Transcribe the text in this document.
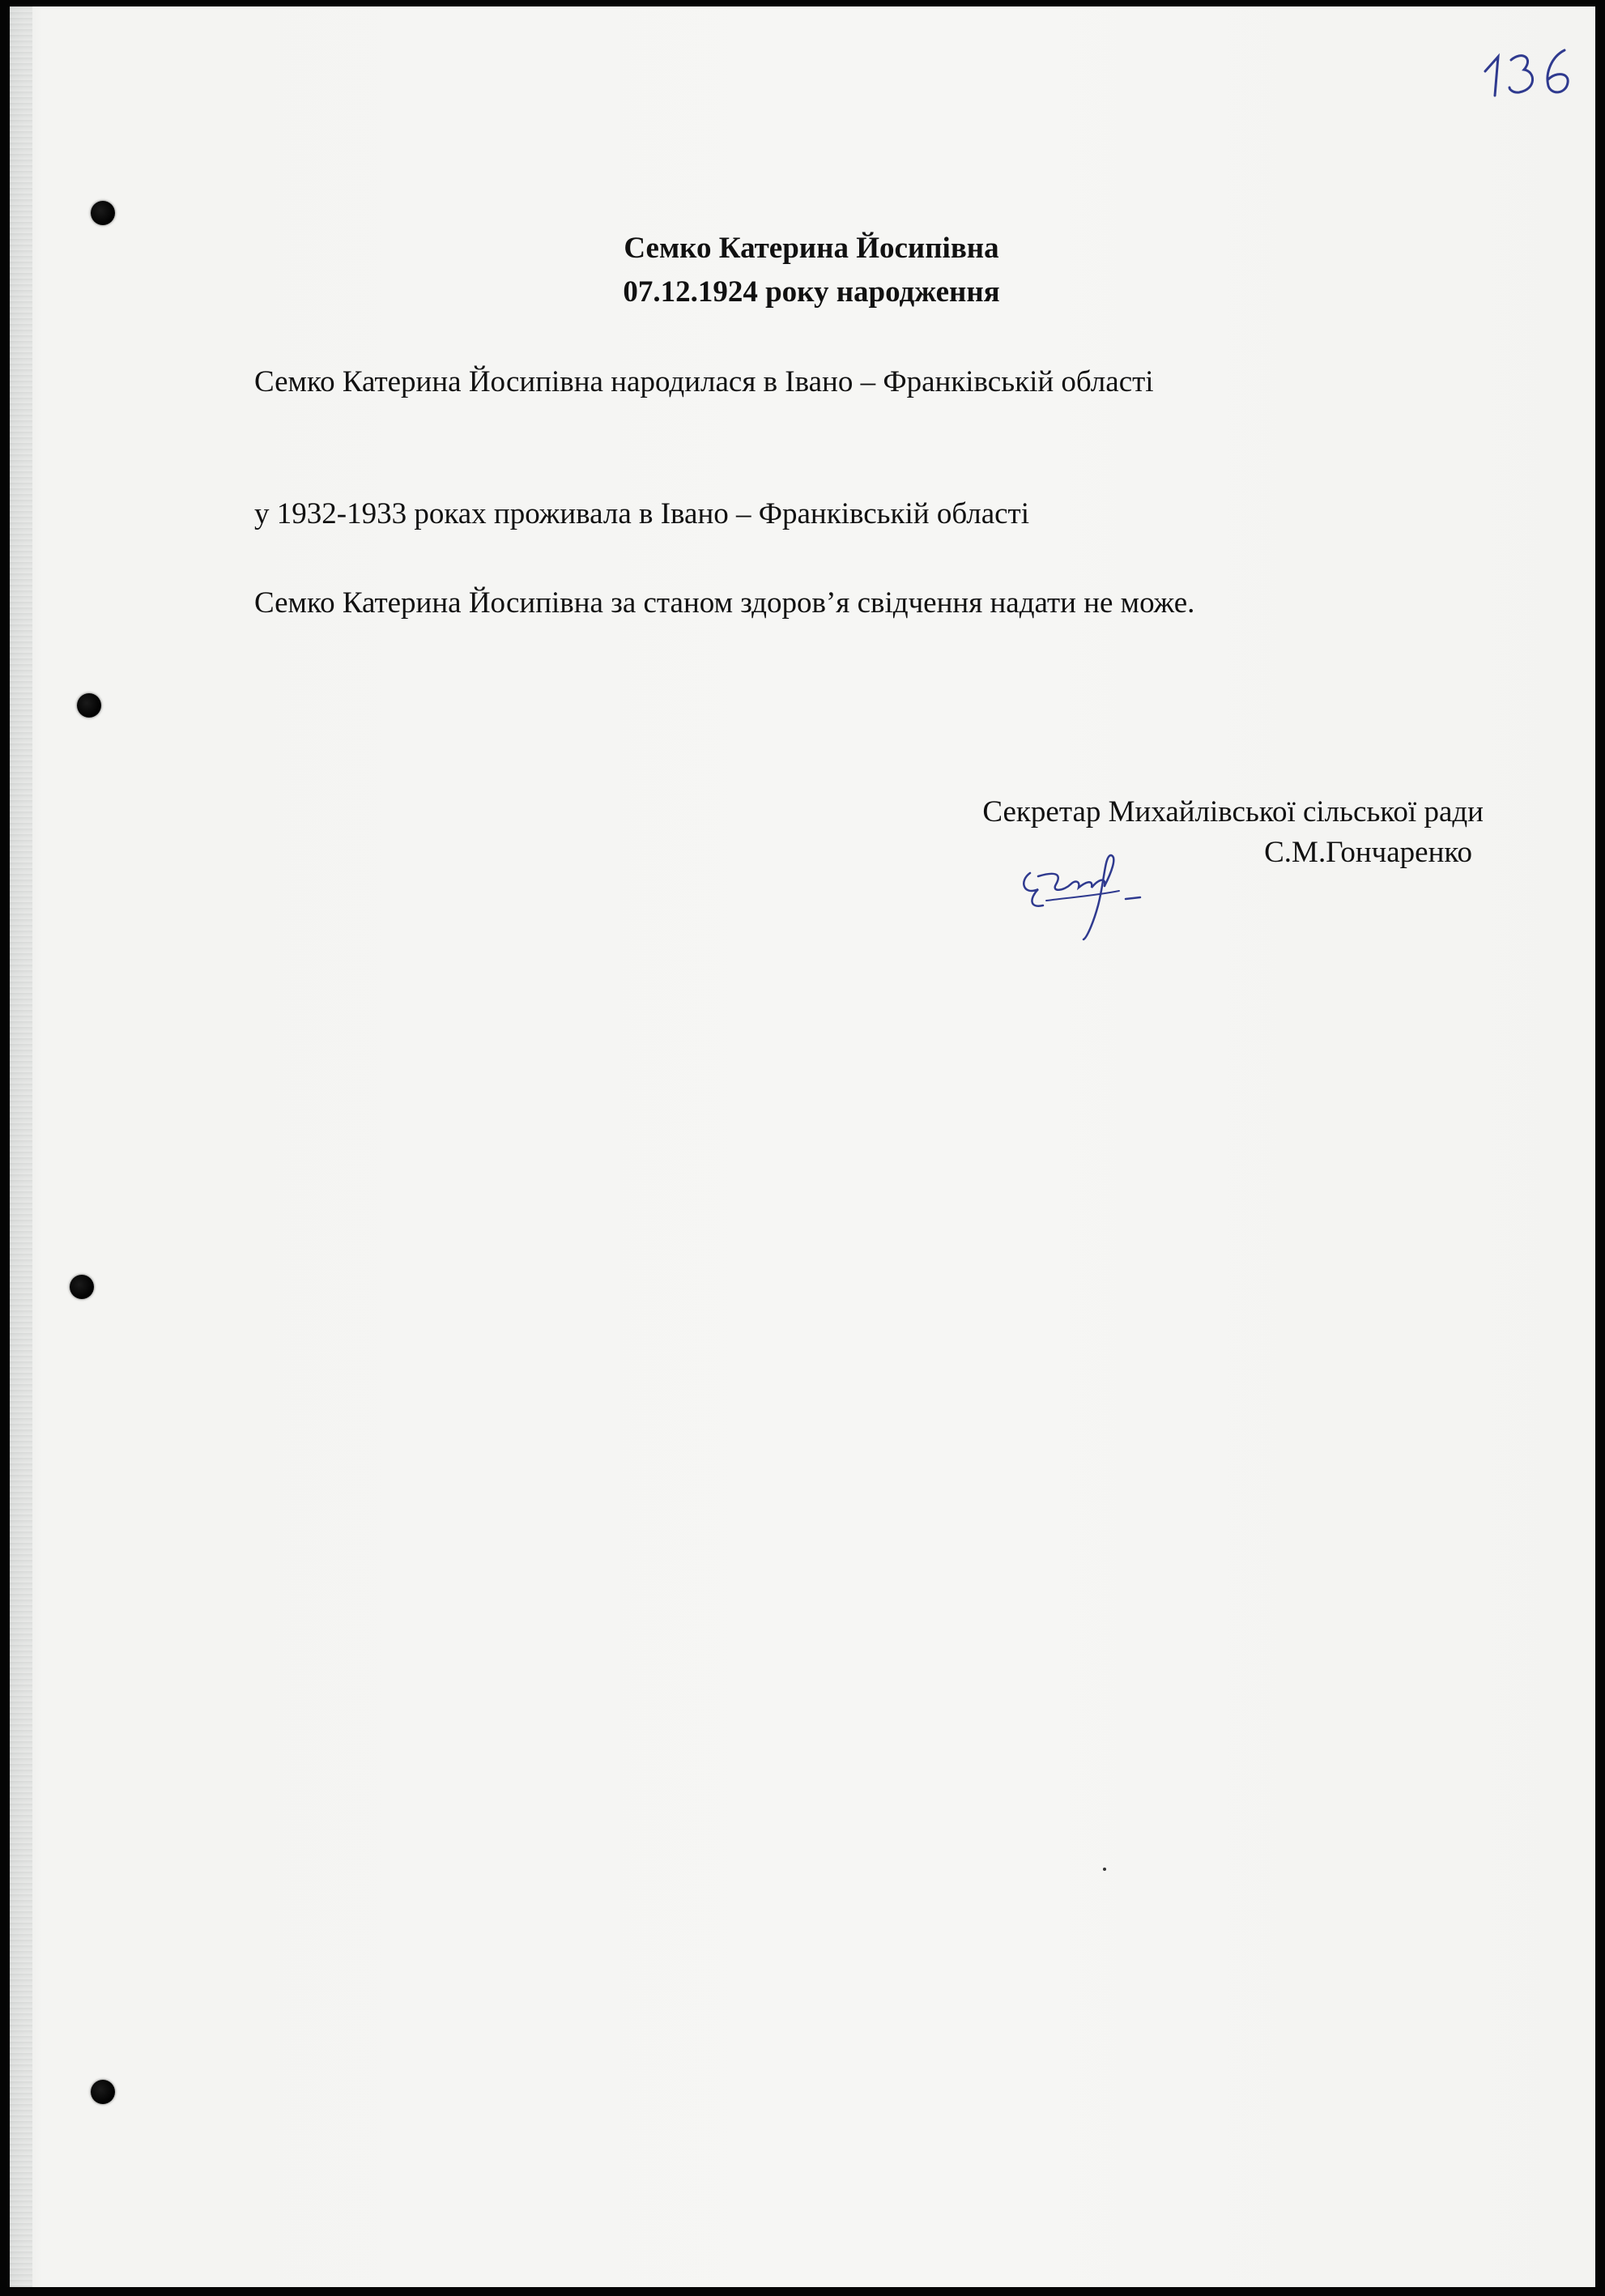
Семко Катерина Йосипівна
07.12.1924 року народження
Семко Катерина Йосипівна народилася в Івано – Франківській області
у 1932-1933 роках проживала в Івано – Франківській області
Семко Катерина Йосипівна за станом здоров’я свідчення надати не може.
Секретар Михайлівської сільської ради
С.М.Гончаренко
